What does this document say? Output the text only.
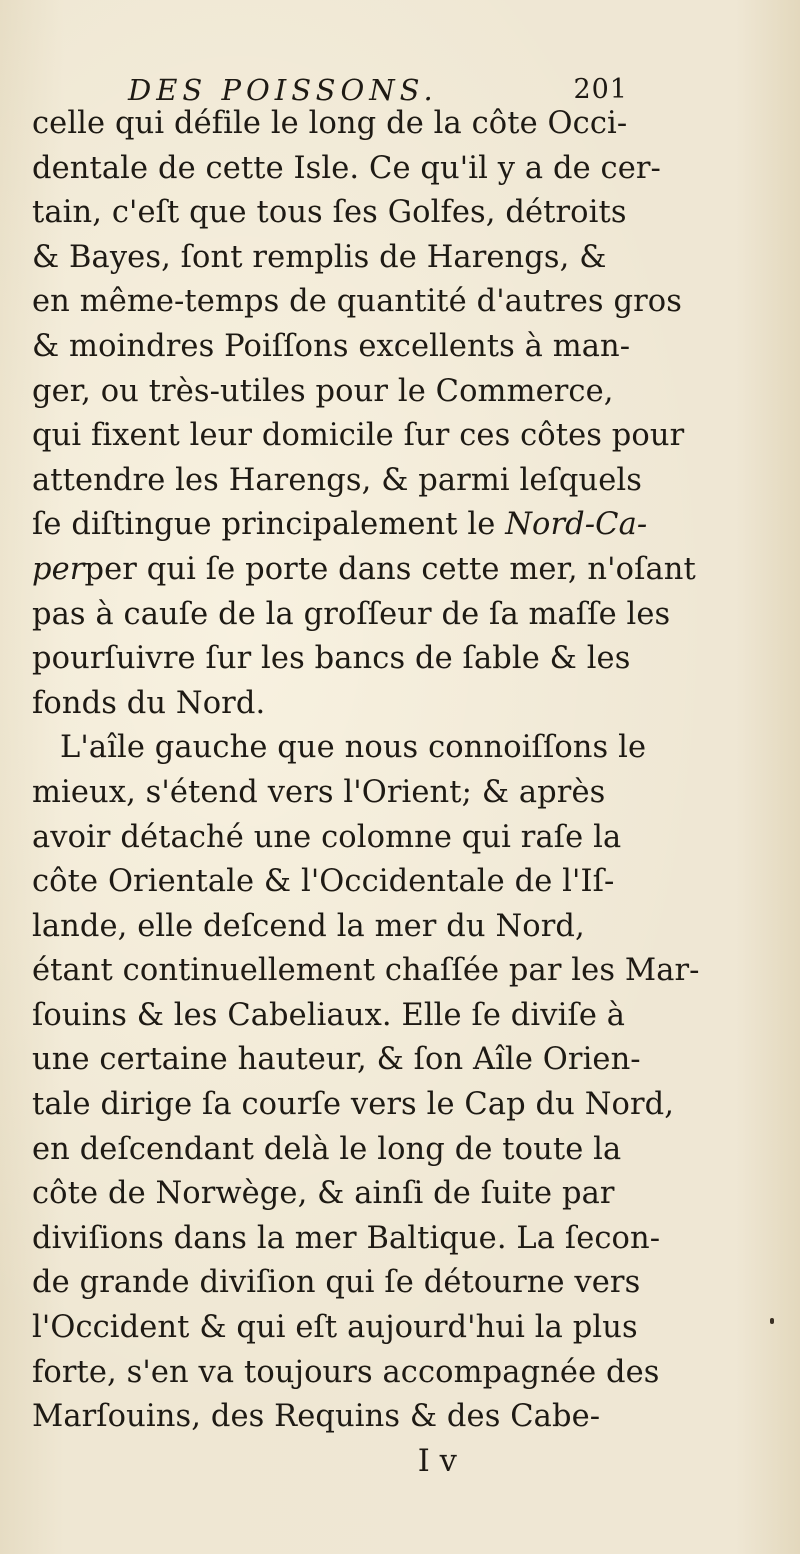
DES POISSONS.	201
celle qui défile le long de la côte Occi-
dentale de cette Isle. Ce qu'il y a de cer-
tain, c'eſt que tous ſes Golfes, détroits
& Bayes, ſont remplis de Harengs, &
en même-temps de quantité d'autres gros
& moindres Poiſſons excellents à man-
ger, ou très-utiles pour le Commerce,
qui fixent leur domicile ſur ces côtes pour
attendre les Harengs, & parmi leſquels
ſe diſtingue principalement le Nord-Ca-
perper qui ſe porte dans cette mer, n'oſant
pas à cauſe de la groſſeur de ſa maſſe les
pourſuivre ſur les bancs de ſable & les
fonds du Nord.
L'aîle gauche que nous connoiſſons le
mieux, s'étend vers l'Orient; & après
avoir détaché une colomne qui raſe la
côte Orientale & l'Occidentale de l'Iſ-
lande, elle deſcend la mer du Nord,
étant continuellement chaſſée par les Mar-
ſouins & les Cabeliaux. Elle ſe diviſe à
une certaine hauteur, & ſon Aîle Orien-
tale dirige ſa courſe vers le Cap du Nord,
en deſcendant delà le long de toute la
côte de Norwège, & ainſi de ſuite par
diviſions dans la mer Baltique. La ſecon-
de grande diviſion qui ſe détourne vers
l'Occident & qui eſt aujourd'hui la plus
forte, s'en va toujours accompagnée des
Marſouins, des Requins & des Cabe-
I v
